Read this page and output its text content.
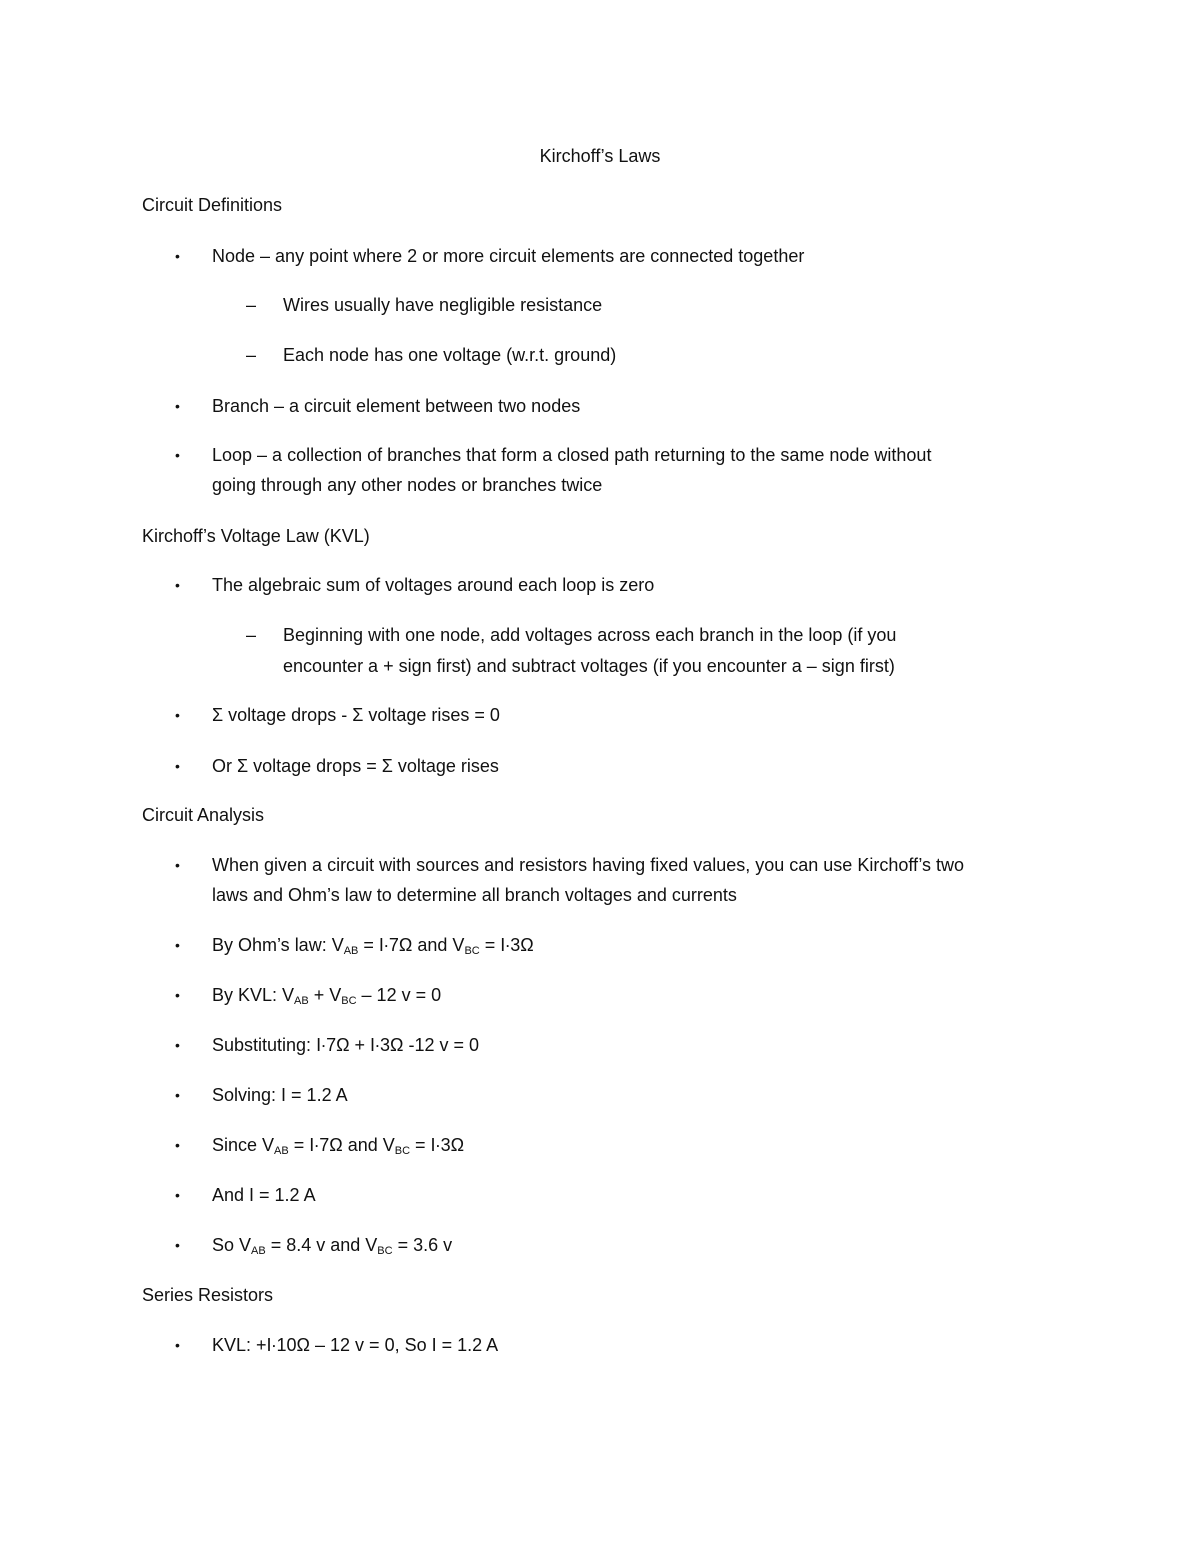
Kirchoff’s Laws
Circuit Definitions
• Node – any point where 2 or more circuit elements are connected together
– Wires usually have negligible resistance
– Each node has one voltage (w.r.t. ground)
• Branch – a circuit element between two nodes
• Loop – a collection of branches that form a closed path returning to the same node without
going through any other nodes or branches twice
Kirchoff’s Voltage Law (KVL)
• The algebraic sum of voltages around each loop is zero
– Beginning with one node, add voltages across each branch in the loop (if you
encounter a + sign first) and subtract voltages (if you encounter a – sign first)
• Σ voltage drops - Σ voltage rises = 0
• Or Σ voltage drops = Σ voltage rises
Circuit Analysis
• When given a circuit with sources and resistors having fixed values, you can use Kirchoff’s two
laws and Ohm’s law to determine all branch voltages and currents
• By Ohm’s law: $V_{AB} = I\cdot 7\Omega$ and $V_{BC} = I\cdot 3\Omega$
• By KVL: $V_{AB} + V_{BC} - 12$ v = 0
• Substituting: I∙7Ω + I∙3Ω -12 v = 0
• Solving: I = 1.2 A
• Since $V_{AB} = I\cdot 7\Omega$ and $V_{BC} = I\cdot 3\Omega$
• And I = 1.2 A
• So $V_{AB} = 8.4$ v and $V_{BC} = 3.6$ v
Series Resistors
• KVL: +I∙10Ω – 12 v = 0, So I = 1.2 A
